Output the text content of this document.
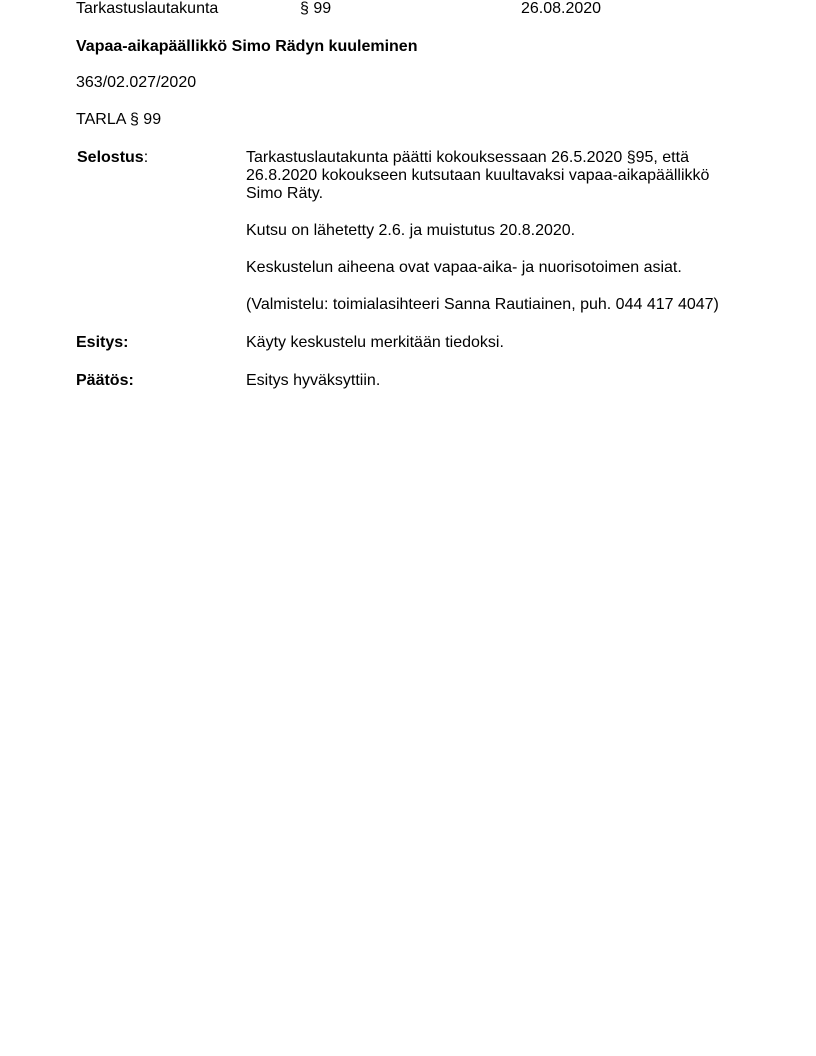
Tarkastuslautakunta	§ 99	26.08.2020
Vapaa-aikapäällikkö Simo Rädyn kuuleminen
363/02.027/2020
TARLA § 99
Selostus:	Tarkastuslautakunta päätti kokouksessaan 26.5.2020 §95, että
26.8.2020 kokoukseen kutsutaan kuultavaksi vapaa-aikapäällikkö
Simo Räty.

Kutsu on lähetetty 2.6. ja muistutus 20.8.2020.

Keskustelun aiheena ovat vapaa-aika- ja nuorisotoimen asiat.

(Valmistelu: toimialasihteeri Sanna Rautiainen, puh. 044 417 4047)

Esitys:	Käyty keskustelu merkitään tiedoksi.
Päätös:	Esitys hyväksyttiin.
